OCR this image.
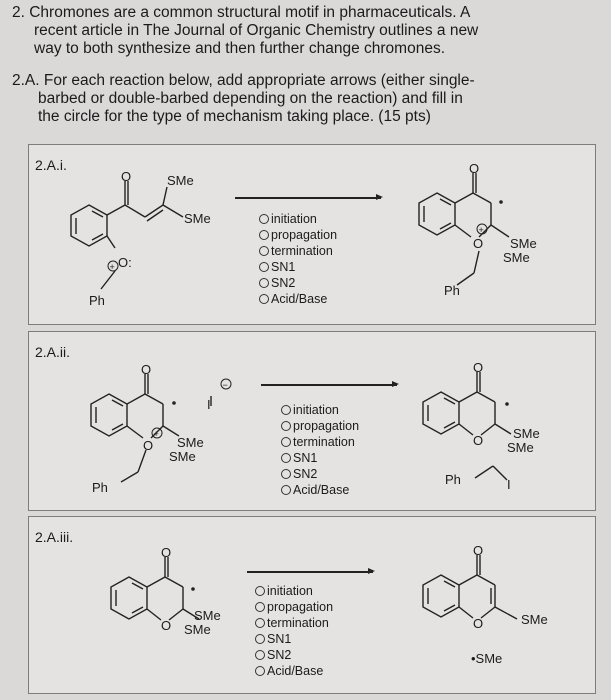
2. Chromones are a common structural motif in pharmaceuticals. A

recent article in The Journal of Organic Chemistry outlines a new

way to both synthesize and then further change chromones.

2.A. For each reaction below, add appropriate arrows (either single-

barbed or double-barbed depending on the reaction) and fill in

the circle for the type of mechanism taking place. (15 pts)

2.A.i.
O	SMe
SMe
+ O:
Ph
initiation
propagation
termination
SN1
SN2
Acid/Base
O
+
O SMe
SMe
Ph
2.A.ii.
O
+
O SMe
SMe
Ph
I
−
initiation
propagation
termination
SN1
SN2
Acid/Base
O
O SMe
SMe
Ph	I
2.A.iii.
O
O
SMe
SMe
initiation
propagation
termination
SN1
SN2
Acid/Base
O
O	SMe
•SMe
